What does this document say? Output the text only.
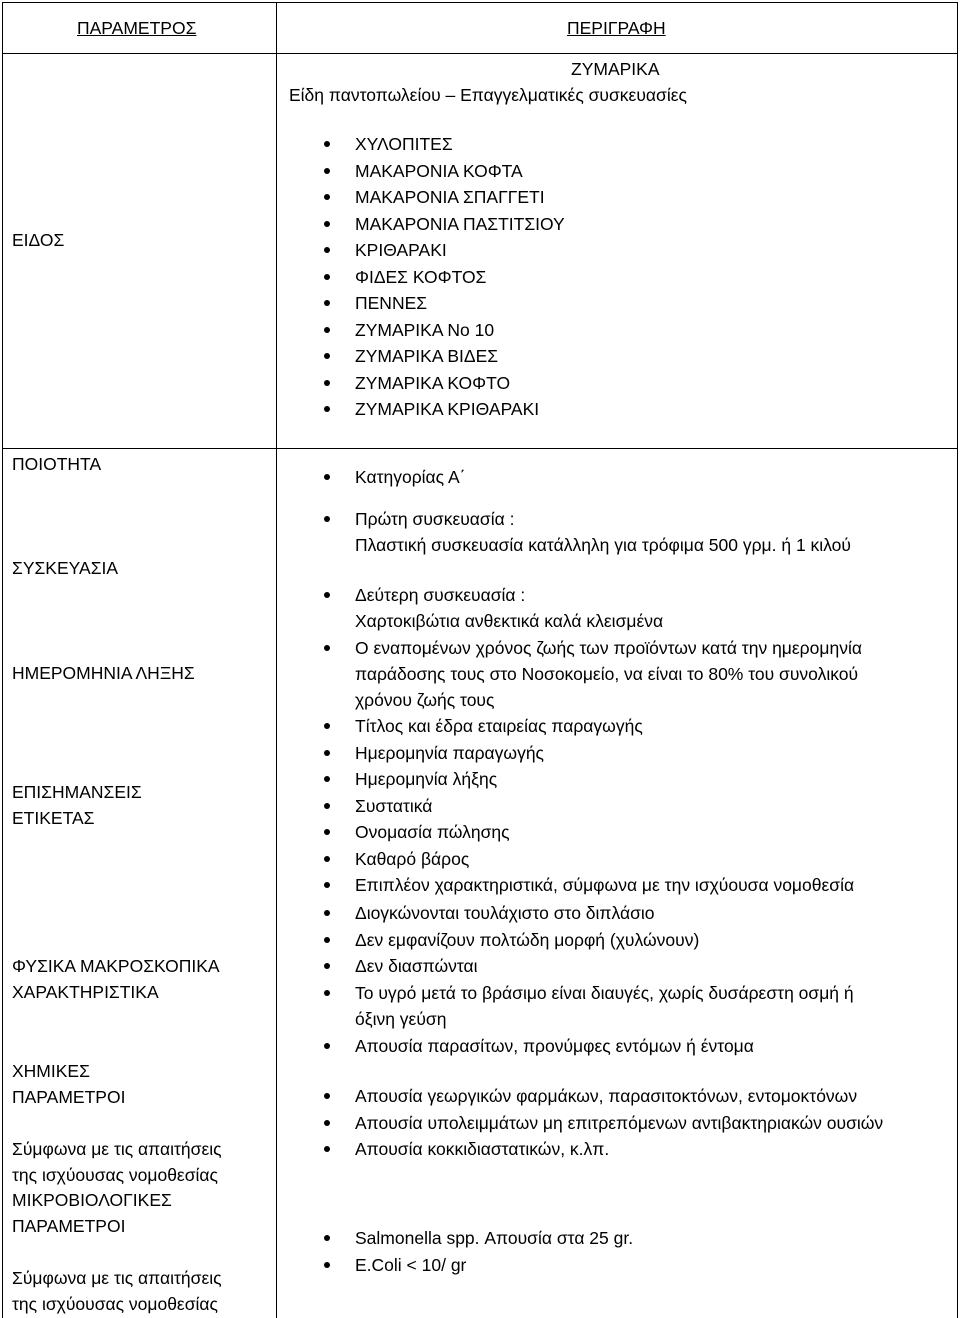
ΠΑΡΑΜΕΤΡΟΣ	ΠΕΡΙΓΡΑΦΗ
ΖΥΜΑΡΙΚΑ
Είδη παντοπωλείου – Επαγγελματικές συσκευασίες
ΕΙΔΟΣ
ΠΟΙΟΤΗΤΑ
ΣΥΣΚΕΥΑΣΙΑ
ΗΜΕΡΟΜΗΝΙΑ ΛΗΞΗΣ
ΕΠΙΣΗΜΑΝΣΕΙΣ
ΕΤΙΚΕΤΑΣ
ΦΥΣΙΚΑ ΜΑΚΡΟΣΚΟΠΙΚΑ
ΧΑΡΑΚΤΗΡΙΣΤΙΚΑ
ΧΗΜΙΚΕΣ
ΠΑΡΑΜΕΤΡΟΙ
Σύμφωνα με τις απαιτήσεις
της ισχύουσας νομοθεσίας
ΜΙΚΡΟΒΙΟΛΟΓΙΚΕΣ
ΠΑΡΑΜΕΤΡΟΙ
Σύμφωνα με τις απαιτήσεις
της ισχύουσας νομοθεσίας
ΧΥΛΟΠΙΤΕΣ
ΜΑΚΑΡΟΝΙΑ ΚΟΦΤΑ
ΜΑΚΑΡΟΝΙΑ ΣΠΑΓΓΕΤΙ
ΜΑΚΑΡΟΝΙΑ ΠΑΣΤΙΤΣΙΟΥ
ΚΡΙΘΑΡΑΚΙ
ΦΙΔΕΣ ΚΟΦΤΟΣ
ΠΕΝΝΕΣ
ΖΥΜΑΡΙΚΑ Νο 10
ΖΥΜΑΡΙΚΑ ΒΙΔΕΣ
ΖΥΜΑΡΙΚΑ ΚΟΦΤΟ
ΖΥΜΑΡΙΚΑ ΚΡΙΘΑΡΑΚΙ
Κατηγορίας Α΄
Πρώτη συσκευασία :
Πλαστική συσκευασία κατάλληλη για τρόφιμα 500 γρμ. ή 1 κιλού
Δεύτερη συσκευασία :
Χαρτοκιβώτια ανθεκτικά καλά κλεισμένα
Ο εναπομένων χρόνος ζωής των προϊόντων κατά την ημερομηνία
παράδοσης τους στο Νοσοκομείο, να είναι το 80% του συνολικού
χρόνου ζωής τους
Τίτλος και έδρα εταιρείας παραγωγής
Ημερομηνία παραγωγής
Ημερομηνία λήξης
Συστατικά
Ονομασία πώλησης
Καθαρό βάρος
Επιπλέον χαρακτηριστικά, σύμφωνα με την ισχύουσα νομοθεσία
Διογκώνονται τουλάχιστο στο διπλάσιο
Δεν εμφανίζουν πολτώδη μορφή (χυλώνουν)
Δεν διασπώνται
Το υγρό μετά το βράσιμο είναι διαυγές, χωρίς δυσάρεστη οσμή ή
όξινη γεύση
Απουσία παρασίτων, προνύμφες εντόμων ή έντομα
Απουσία γεωργικών φαρμάκων, παρασιτοκτόνων, εντομοκτόνων
Απουσία υπολειμμάτων μη επιτρεπόμενων αντιβακτηριακών ουσιών
Απουσία κοκκιδιαστατικών, κ.λπ.
Salmonella spp. Απουσία στα 25 gr.
E.Coli < 10/ gr
